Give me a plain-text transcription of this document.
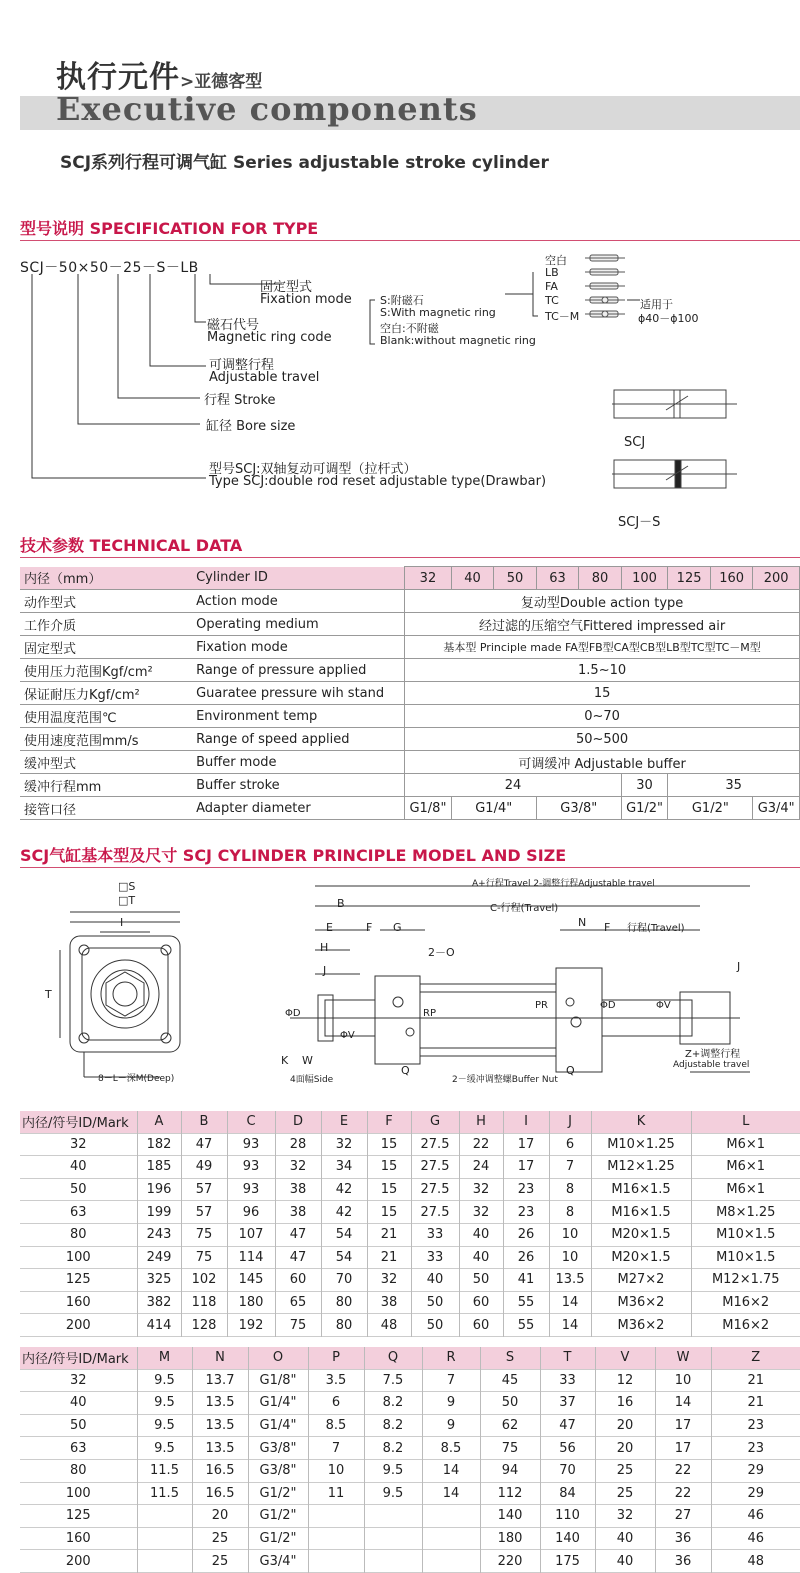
执行元件>亚德客型
Executive components
SCJ系列行程可调气缸 Series adjustable stroke cylinder
型号说明 SPECIFICATION FOR TYPE
SCJ－50×50－25－S－LB
固定型式
Fixation mode	S:附磁石
S:With magnetic ring
空白:不附磁
Blank:without magnetic ring
磁石代号
Magnetic ring code
可调整行程
Adjustable travel
行程 Stroke
缸径 Bore size
型号SCJ:双轴复动可调型（拉杆式）
Type SCJ:double rod reset adjustable type(Drawbar)
空白
LB
FA
TC
TC－M
适用于
ϕ40－ϕ100
SCJ
SCJ－S
技术参数 TECHNICAL DATA
内径（mm）	Cylinder ID	32	40	50	63	80	100	125	160	200
动作型式	Action mode	复动型Double action type								
工作介质	Operating medium	经过滤的压缩空气Fittered impressed air								
固定型式	Fixation mode	基本型 Principle made FA型FB型CA型CB型LB型TC型TC－M型								
使用压力范围Kgf/cm²	Range of pressure applied	1.5~10								
保证耐压力Kgf/cm²	Guaratee pressure wih stand	15								
使用温度范围℃	Environment temp	0~70								
使用速度范围mm/s	Range of speed applied	50~500								
缓冲型式	Buffer mode	可调缓冲 Adjustable buffer								
缓冲行程mm	Buffer stroke	24					30	35		
接管口径	Adapter diameter	G1/8"	G1/4"		G3/8"		G1/2"	G1/2"		G3/4"
SCJ气缸基本型及尺寸 SCJ CYLINDER PRINCIPLE MODEL AND SIZE
□S
□T
I
T
8－L－深M(Deep)
A+行程Travel 2-调整行程Adjustable travel
B	C-行程(Travel)
E	F G	N F 行程(Travel)
H	2－O
J	J
ΦD	RP
PR	ΦD
ΦV
ΦV
K W
4面幅Side
Q	Q
2－缓冲调整螺Buffer Nut
Z+调整行程
Adjustable travel
内径/符号ID/Mark	A	B	C	D	E	F	G	H	I	J	K	L
32	182	47	93	28	32	15	27.5	22	17	6	M10×1.25	M6×1
40	185	49	93	32	34	15	27.5	24	17	7	M12×1.25	M6×1
50	196	57	93	38	42	15	27.5	32	23	8	M16×1.5	M6×1
63	199	57	96	38	42	15	27.5	32	23	8	M16×1.5	M8×1.25
80	243	75	107	47	54	21	33	40	26	10	M20×1.5	M10×1.5
100	249	75	114	47	54	21	33	40	26	10	M20×1.5	M10×1.5
125	325	102	145	60	70	32	40	50	41	13.5	M27×2	M12×1.75
160	382	118	180	65	80	38	50	60	55	14	M36×2	M16×2
200	414	128	192	75	80	48	50	60	55	14	M36×2	M16×2
内径/符号ID/Mark	M	N	O	P	Q	R	S	T	V	W	Z
32	9.5	13.7	G1/8"	3.5	7.5	7	45	33	12	10	21
40	9.5	13.5	G1/4"	6	8.2	9	50	37	16	14	21
50	9.5	13.5	G1/4"	8.5	8.2	9	62	47	20	17	23
63	9.5	13.5	G3/8"	7	8.2	8.5	75	56	20	17	23
80	11.5	16.5	G3/8"	10	9.5	14	94	70	25	22	29
100	11.5	16.5	G1/2"	11	9.5	14	112	84	25	22	29
125		20	G1/2"				140	110	32	27	46
160		25	G1/2"				180	140	40	36	46
200		25	G3/4"				220	175	40	36	48
